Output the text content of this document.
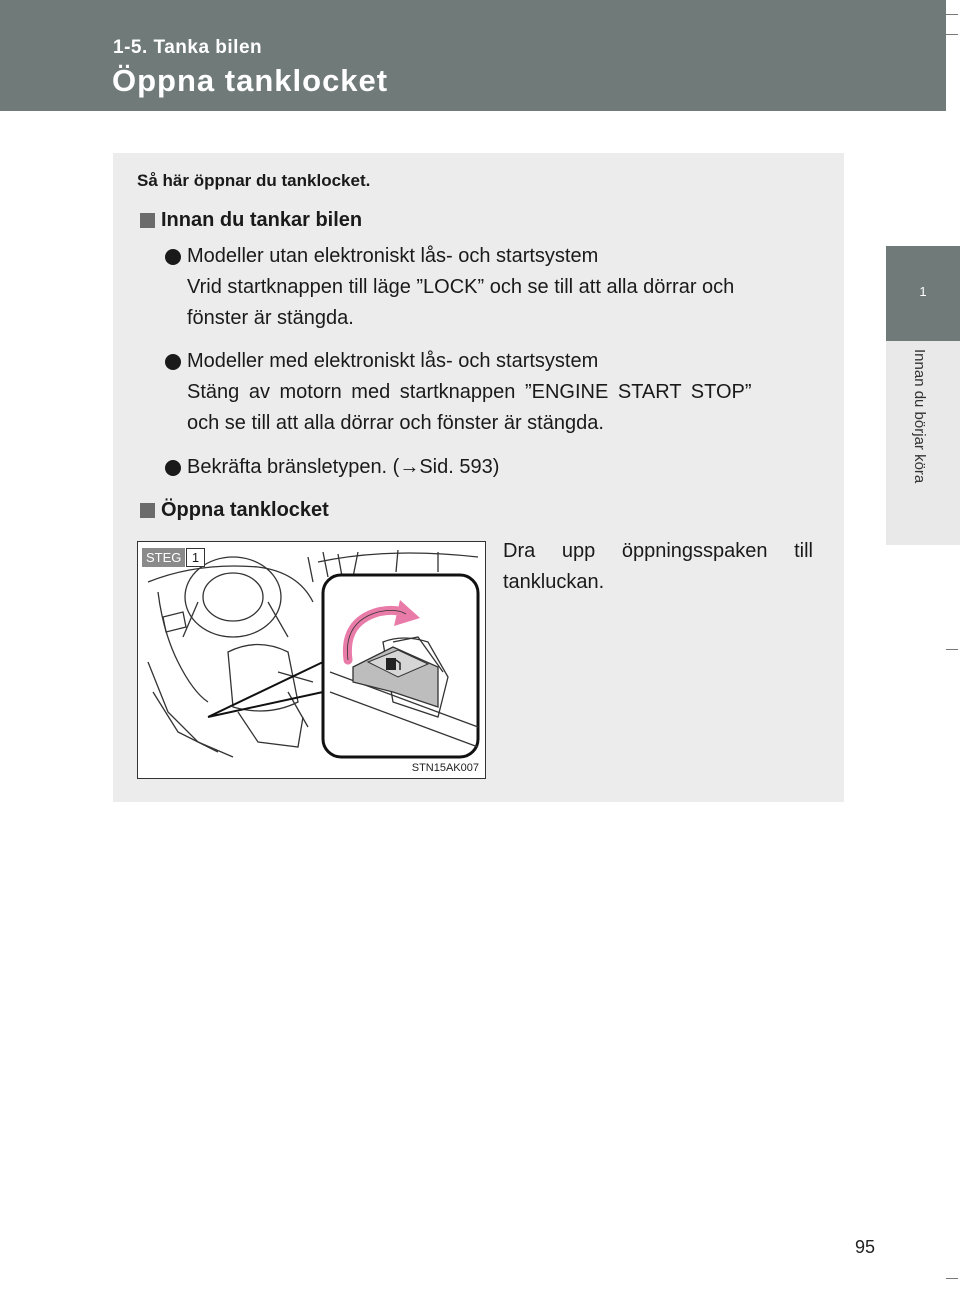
1-5. Tanka bilen
Öppna tanklocket
1
Innan du börjar köra
Så här öppnar du tanklocket.
Innan du tankar bilen
Modeller utan elektroniskt lås- och startsystem
Vrid startknappen till läge ”LOCK” och se till att alla dörrar och
fönster är stängda.
Modeller med elektroniskt lås- och startsystem
Stäng av motorn med startknappen ”ENGINE START STOP”
och se till att alla dörrar och fönster är stängda.
Bekräfta bränsletypen. (→Sid. 593)
Öppna tanklocket
STEG 1
STN15AK007
Dra upp öppningsspaken till
tankluckan.
95
